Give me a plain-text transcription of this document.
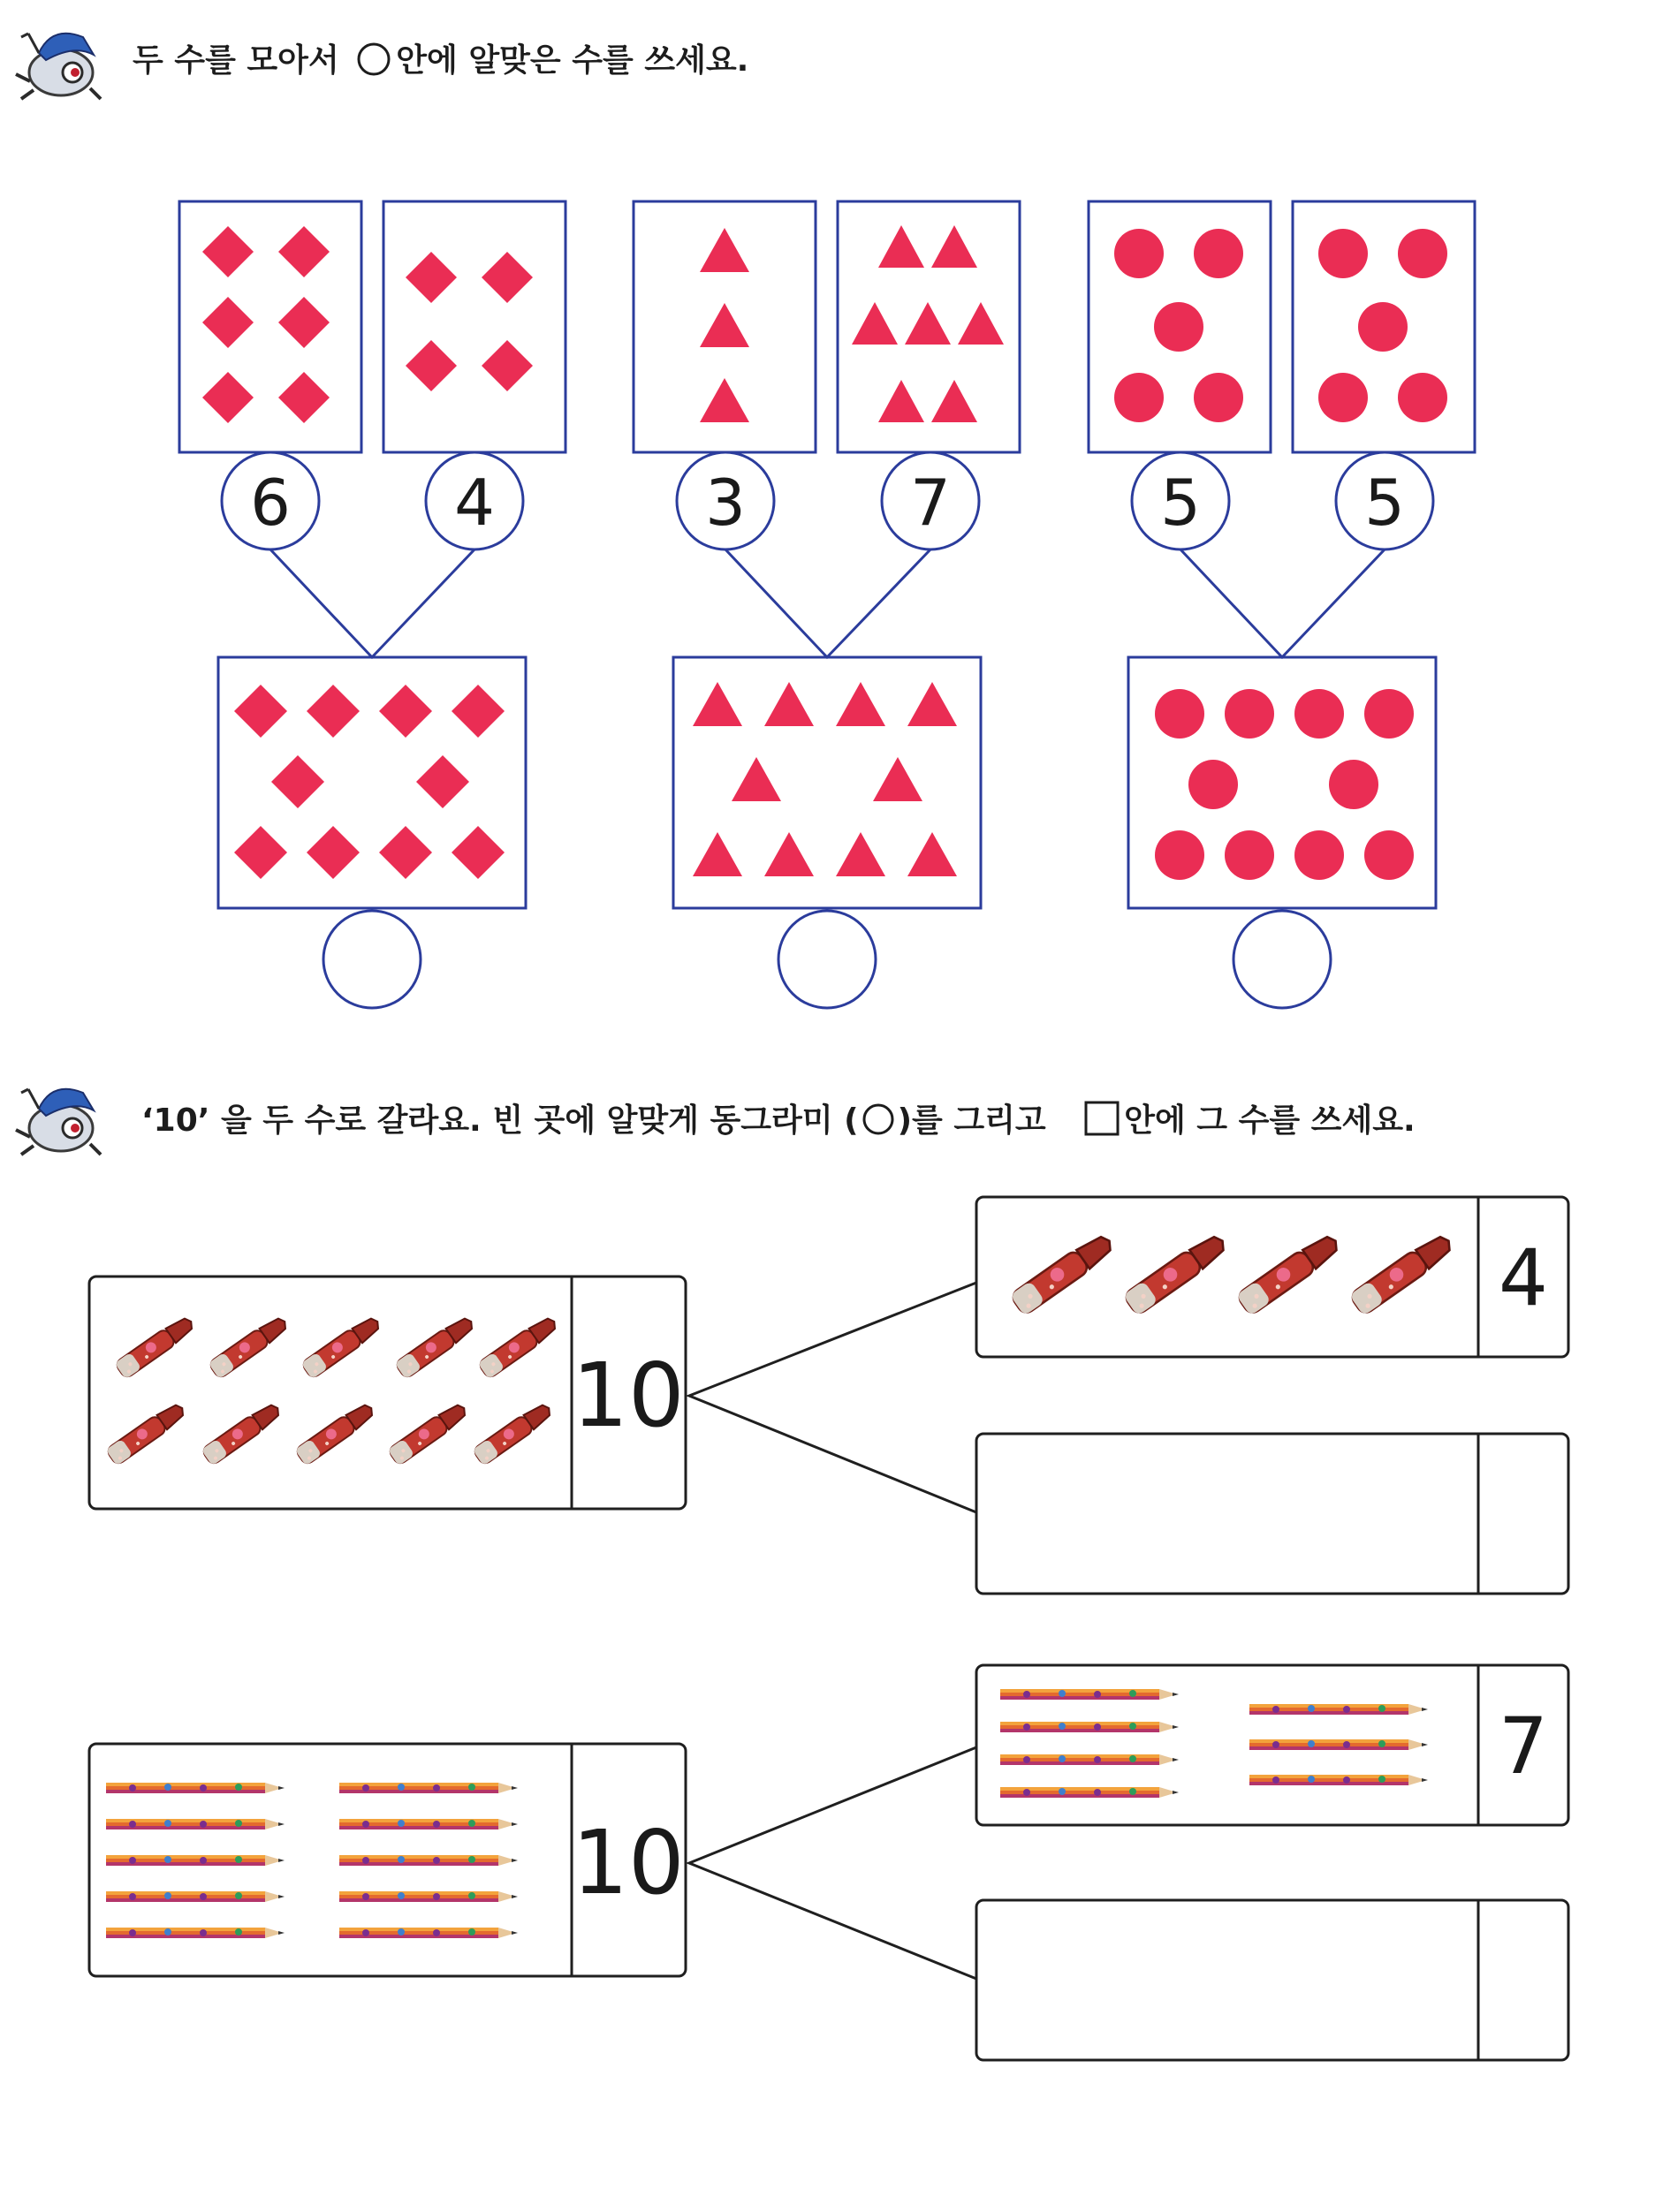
두 수를 모아서 안에 알맞은 수를 쓰세요.
‘10’ 을 두 수로 갈라요. 빈 곳에 알맞게 동그라미 ( )를 그리고 안에 그 수를 쓰세요.
6	4	3	7	5	5
10
4
10
7
